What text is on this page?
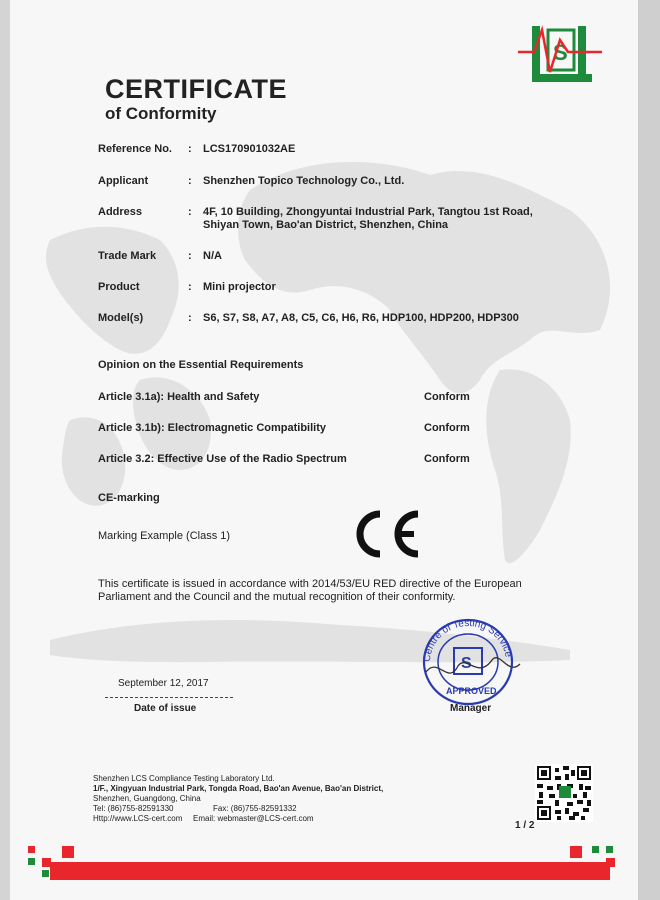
S
CERTIFICATE
of Conformity
Reference No.	: LCS170901032AE
Applicant	: Shenzhen Topico Technology Co., Ltd.
Address	: 4F, 10 Building, Zhongyuntai Industrial Park, Tangtou 1st Road, Shiyan Town, Bao'an District, Shenzhen, China
Trade Mark	: N/A
Product	: Mini projector
Model(s)	: S6, S7, S8, A7, A8, C5, C6, H6, R6, HDP100, HDP200, HDP300
Opinion on the Essential Requirements
Article 3.1a): Health and Safety	Conform
Article 3.1b): Electromagnetic Compatibility	Conform
Article 3.2: Effective Use of the Radio Spectrum	Conform
CE-marking
Marking Example (Class 1)
This certificate is issued in accordance with 2014/53/EU RED directive of the European Parliament and the Council and the mutual recognition of their conformity.
September 12, 2017
Date of issue
Centre of Testing Service
S
APPROVED
Manager
Shenzhen LCS Compliance Testing Laboratory Ltd.
1/F., Xingyuan Industrial Park, Tongda Road, Bao'an Avenue, Bao'an District,
Shenzhen, Guangdong, China
Tel: (86)755-82591330	Fax: (86)755-82591332
Http://www.LCS-cert.com Email: webmaster@LCS-cert.com
1 / 2
